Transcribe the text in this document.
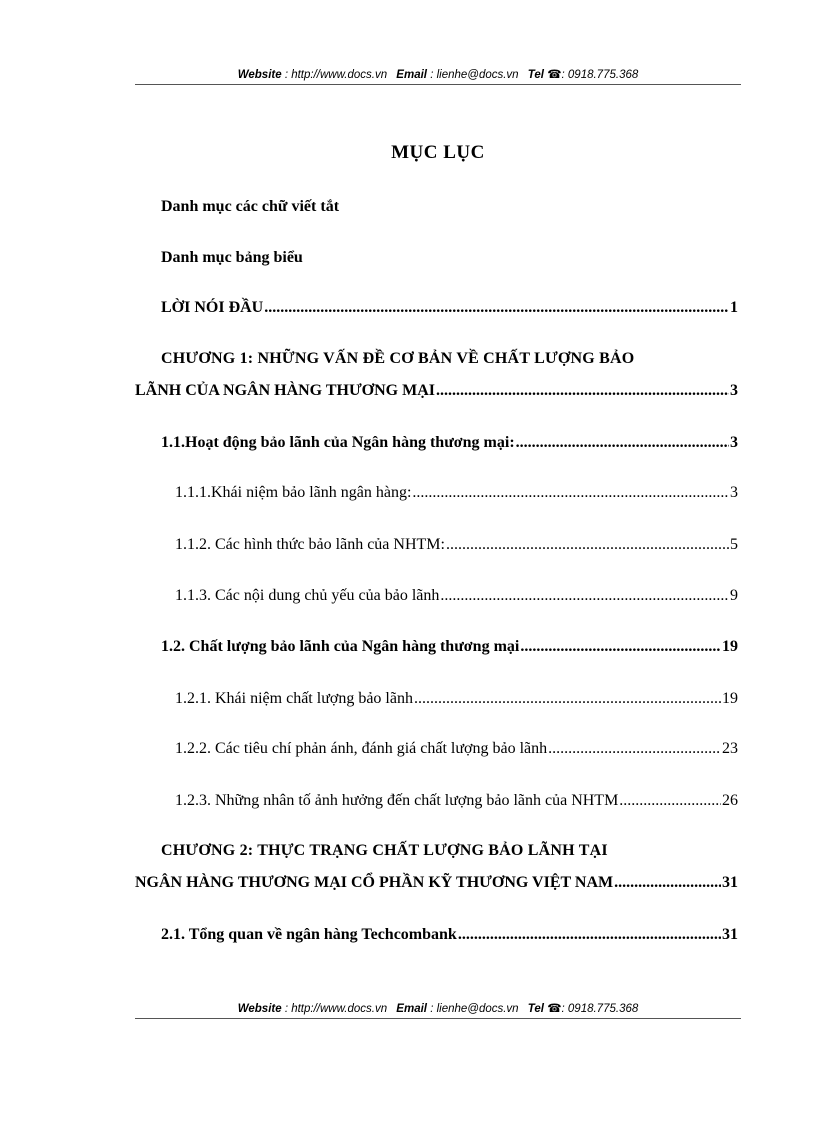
Website : http://www.docs.vn Email : lienhe@docs.vn Tel ☎: 0918.775.368
MỤC LỤC
Danh mục các chữ viết tắt
Danh mục bảng biểu
LỜI NÓI ĐẦU .....	1
CHƯƠNG 1: NHỮNG VẤN ĐỀ CƠ BẢN VỀ CHẤT LƯỢNG BẢO
LÃNH CỦA NGÂN HÀNG THƯƠNG MẠI .....	3
1.1. Hoạt động bảo lãnh của Ngân hàng thương mại: .....	3
1.1.1. Khái niệm bảo lãnh ngân hàng: .....	3
1.1.2. Các hình thức bảo lãnh của NHTM: .....	5
1.1.3. Các nội dung chủ yếu của bảo lãnh .....	9
1.2. Chất lượng bảo lãnh của Ngân hàng thương mại .....	19
1.2.1. Khái niệm chất lượng bảo lãnh .....	19
1.2.2. Các tiêu chí phản ánh, đánh giá chất lượng bảo lãnh .....	23
1.2.3. Những nhân tố ảnh hưởng đến chất lượng bảo lãnh của NHTM .....	26
CHƯƠNG 2: THỰC TRẠNG CHẤT LƯỢNG BẢO LÃNH TẠI
NGÂN HÀNG THƯƠNG MẠI CỔ PHẦN KỸ THƯƠNG VIỆT NAM .....	31
2.1. Tổng quan về ngân hàng Techcombank .....	31
Website : http://www.docs.vn Email : lienhe@docs.vn Tel ☎: 0918.775.368
